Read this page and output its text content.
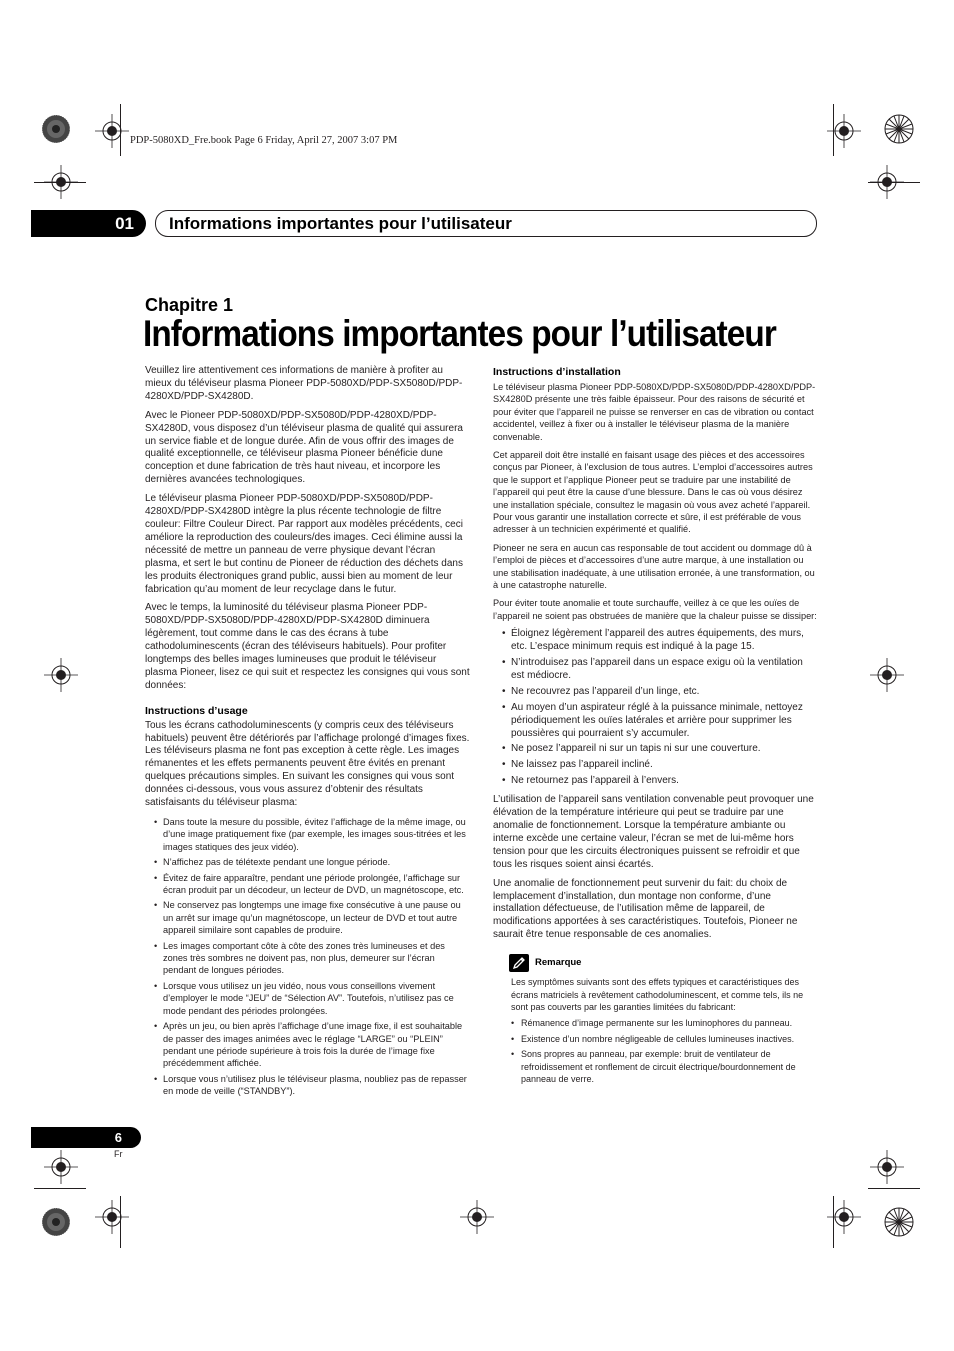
PDP-5080XD_Fre.book Page 6 Friday, April 27, 2007 3:07 PM
01 Informations importantes pour l’utilisateur
Chapitre 1
Informations importantes pour l’utilisateur

Veuillez lire attentivement ces informations de manière à profiter au mieux du téléviseur plasma Pioneer PDP-5080XD/PDP-SX5080D/PDP-4280XD/PDP-SX4280D.

Avec le Pioneer PDP-5080XD/PDP-SX5080D/PDP-4280XD/PDP-SX4280D, vous disposez d’un téléviseur plasma de qualité qui assurera un service fiable et de longue durée. Afin de vous offrir des images de qualité exceptionnelle, ce téléviseur plasma Pioneer bénéficie dune conception et dune fabrication de très haut niveau, et incorpore les dernières avancées technologiques.

Le téléviseur plasma Pioneer PDP-5080XD/PDP-SX5080D/PDP-4280XD/PDP-SX4280D intègre la plus récente technologie de filtre couleur: Filtre Couleur Direct. Par rapport aux modèles précédents, ceci améliore la reproduction des couleurs/des images. Ceci élimine aussi la nécessité de mettre un panneau de verre physique devant l’écran plasma, et sert le but continu de Pioneer de réduction des déchets dans les produits électroniques grand public, aussi bien au moment de leur fabrication qu’au moment de leur recyclage dans le futur.

Avec le temps, la luminosité du téléviseur plasma Pioneer PDP-5080XD/PDP-SX5080D/PDP-4280XD/PDP-SX4280D diminuera légèrement, tout comme dans le cas des écrans à tube cathodoluminescents (écran des téléviseurs habituels). Pour profiter longtemps des belles images lumineuses que produit le téléviseur plasma Pioneer, lisez ce qui suit et respectez les consignes qui vous sont données:

Instructions d’usage

Tous les écrans cathodoluminescents (y compris ceux des téléviseurs habituels) peuvent être détériorés par l’affichage prolongé d’images fixes. Les téléviseurs plasma ne font pas exception à cette règle. Les images rémanentes et les effets permanents peuvent être évités en prenant quelques précautions simples. En suivant les consignes qui vous sont données ci-dessous, vous vous assurez d’obtenir des résultats satisfaisants du téléviseur plasma:

• Dans toute la mesure du possible, évitez l’affichage de la même image, ou d’une image pratiquement fixe (par exemple, les images sous-titrées et les images statiques des jeux vidéo).
• N’affichez pas de télétexte pendant une longue période.
• Évitez de faire apparaître, pendant une période prolongée, l’affichage sur écran produit par un décodeur, un lecteur de DVD, un magnétoscope, etc.
• Ne conservez pas longtemps une image fixe consécutive à une pause ou un arrêt sur image qu’un magnétoscope, un lecteur de DVD et tout autre appareil similaire sont capables de produire.
• Les images comportant côte à côte des zones très lumineuses et des zones très sombres ne doivent pas, non plus, demeurer sur l’écran pendant de longues périodes.
• Lorsque vous utilisez un jeu vidéo, nous vous conseillons vivement d’employer le mode “JEU” de “Sélection AV”. Toutefois, n’utilisez pas ce mode pendant des périodes prolongées.
• Après un jeu, ou bien après l’affichage d’une image fixe, il est souhaitable de passer des images animées avec le réglage “LARGE” ou “PLEIN” pendant une période supérieure à trois fois la durée de l’image fixe précédemment affichée.
• Lorsque vous n’utilisez plus le téléviseur plasma, noubliez pas de repasser en mode de veille (“STANDBY”).
Instructions d’installation

Le téléviseur plasma Pioneer PDP-5080XD/PDP-SX5080D/PDP-4280XD/PDP-SX4280D présente une très faible épaisseur. Pour des raisons de sécurité et pour éviter que l’appareil ne puisse se renverser en cas de vibration ou contact accidentel, veillez à fixer ou à installer le téléviseur plasma de la manière convenable.

Cet appareil doit être installé en faisant usage des pièces et des accessoires conçus par Pioneer, à l’exclusion de tous autres. L’emploi d’accessoires autres que le support et l’applique Pioneer peut se traduire par une instabilité de l’appareil qui peut être la cause d’une blessure. Dans le cas où vous désirez une installation spéciale, consultez le magasin où vous avez acheté l’appareil. Pour vous garantir une installation correcte et sûre, il est préférable de vous adresser à un technicien expérimenté et qualifié.

Pioneer ne sera en aucun cas responsable de tout accident ou dommage dû à l’emploi de pièces et d’accessoires d’une autre marque, à une installation ou une stabilisation inadéquate, à une utilisation erronée, à une transformation, ou à une catastrophe naturelle.

Pour éviter toute anomalie et toute surchauffe, veillez à ce que les ouïes de l’appareil ne soient pas obstruées de manière que la chaleur puisse se dissiper:

• Éloignez légèrement l’appareil des autres équipements, des murs, etc. L’espace minimum requis est indiqué à la page 15.
• N’introduisez pas l’appareil dans un espace exigu où la ventilation est médiocre.
• Ne recouvrez pas l’appareil d’un linge, etc.
• Au moyen d’un aspirateur réglé à la puissance minimale, nettoyez périodiquement les ouïes latérales et arrière pour supprimer les poussières qui pourraient s’y accumuler.
• Ne posez l’appareil ni sur un tapis ni sur une couverture.
• Ne laissez pas l’appareil incliné.
• Ne retournez pas l’appareil à l’envers.

L’utilisation de l’appareil sans ventilation convenable peut provoquer une élévation de la température intérieure qui peut se traduire par une anomalie de fonctionnement. Lorsque la température ambiante ou interne excède une certaine valeur, l’écran se met de lui-même hors tension pour que les circuits électroniques puissent se refroidir et que tous les risques soient ainsi écartés.

Une anomalie de fonctionnement peut survenir du fait: du choix de lemplacement d’installation, dun montage non conforme, d’une installation défectueuse, de l’utilisation même de lappareil, de modifications apportées à ses caractéristiques. Toutefois, Pioneer ne saurait être tenue responsable de ces anomalies.

Remarque

Les symptômes suivants sont des effets typiques et caractéristiques des écrans matriciels à revêtement cathodoluminescent, et comme tels, ils ne sont pas couverts par les garanties limitées du fabricant:

• Rémanence d’image permanente sur les luminophores du panneau.
• Existence d’un nombre négligeable de cellules lumineuses inactives.
• Sons propres au panneau, par exemple: bruit de ventilateur de refroidissement et ronflement de circuit électrique/bourdonnement de panneau de verre.
6
Fr
